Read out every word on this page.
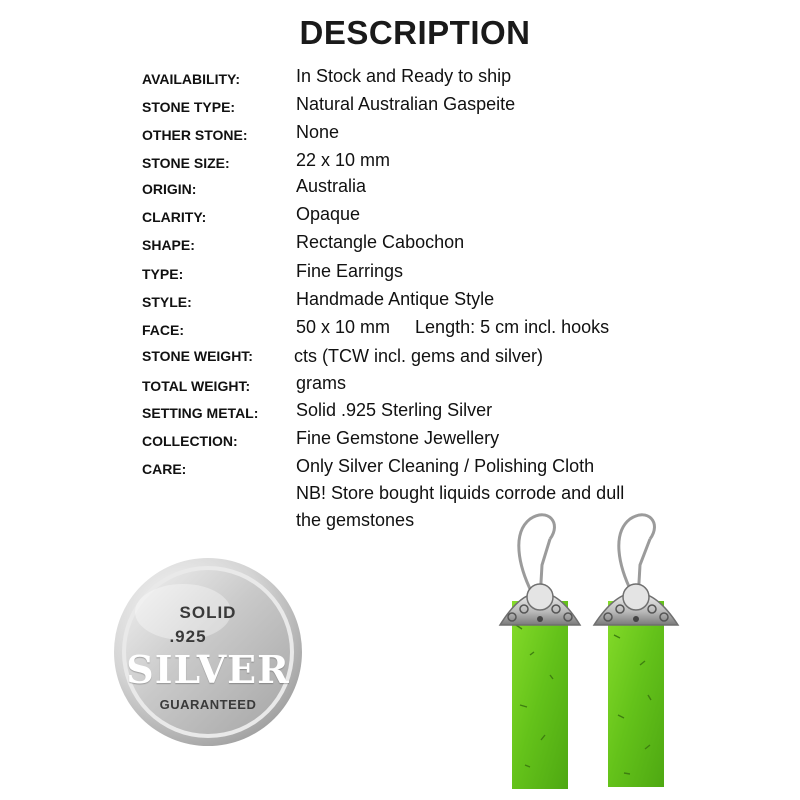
DESCRIPTION
AVAILABILITY:	In Stock and Ready to ship
STONE TYPE:	Natural Australian Gaspeite
OTHER STONE:	None
STONE SIZE:	22 x 10 mm
ORIGIN:	Australia
CLARITY:	Opaque
SHAPE:	Rectangle Cabochon
TYPE:	Fine Earrings
STYLE:	Handmade Antique Style
FACE:	50 x 10 mm     Length: 5 cm incl. hooks
STONE WEIGHT: cts (TCW incl. gems and silver)
TOTAL WEIGHT:	grams
SETTING METAL: Solid .925 Sterling Silver
COLLECTION:	Fine Gemstone Jewellery
CARE:	Only Silver Cleaning / Polishing Cloth
NB! Store bought liquids corrode and dull
the gemstones
SOLID
.925
SILVER
GUARANTEED
